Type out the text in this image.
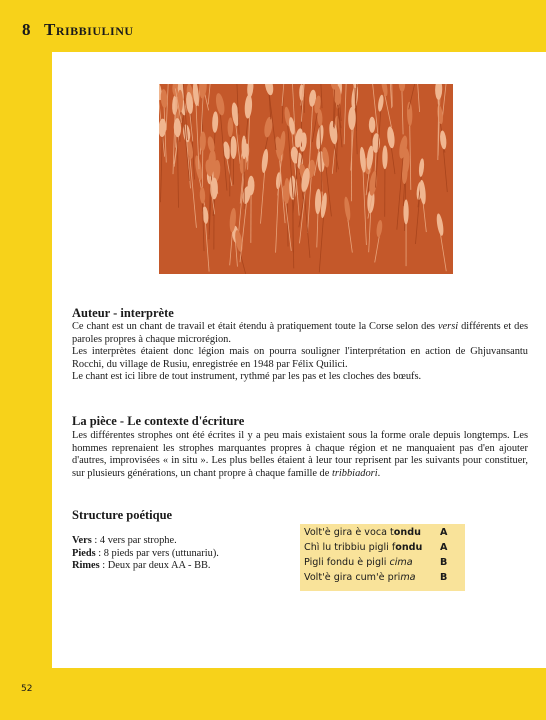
8 Tribbiulinu
Auteur - interprète

Ce chant est un chant de travail et était étendu à pratiquement toute la Corse selon des versi différents et des paroles propres à chaque microrégion.

Les interprètes étaient donc légion mais on pourra souligner l'interprétation en action de Ghjuvansantu Rocchi, du village de Rusiu, enregistrée en 1948 par Félix Quilici.

Le chant est ici libre de tout instrument, rythmé par les pas et les cloches des bœufs.

La pièce - Le contexte d'écriture

Les différentes strophes ont été écrites il y a peu mais existaient sous la forme orale depuis longtemps. Les hommes reprenaient les strophes marquantes propres à chaque région et ne manquaient pas d'en ajouter d'autres, improvisées « in situ ». Les plus belles étaient à leur tour reprisent par les suivants pour constituer, sur plusieurs générations, un chant propre à chaque famille de tribbiadori.

Structure poétique
Vers : 4 vers par strophe.
Pieds : 8 pieds par vers (uttunariu).
Rimes : Deux par deux AA - BB.
Volt'è gira è voca tondu A
Chì lu tribbiu pigli fondu A
Pigli fondu è pigli cima	B
Volt'è gira cum'è prima	B
52
